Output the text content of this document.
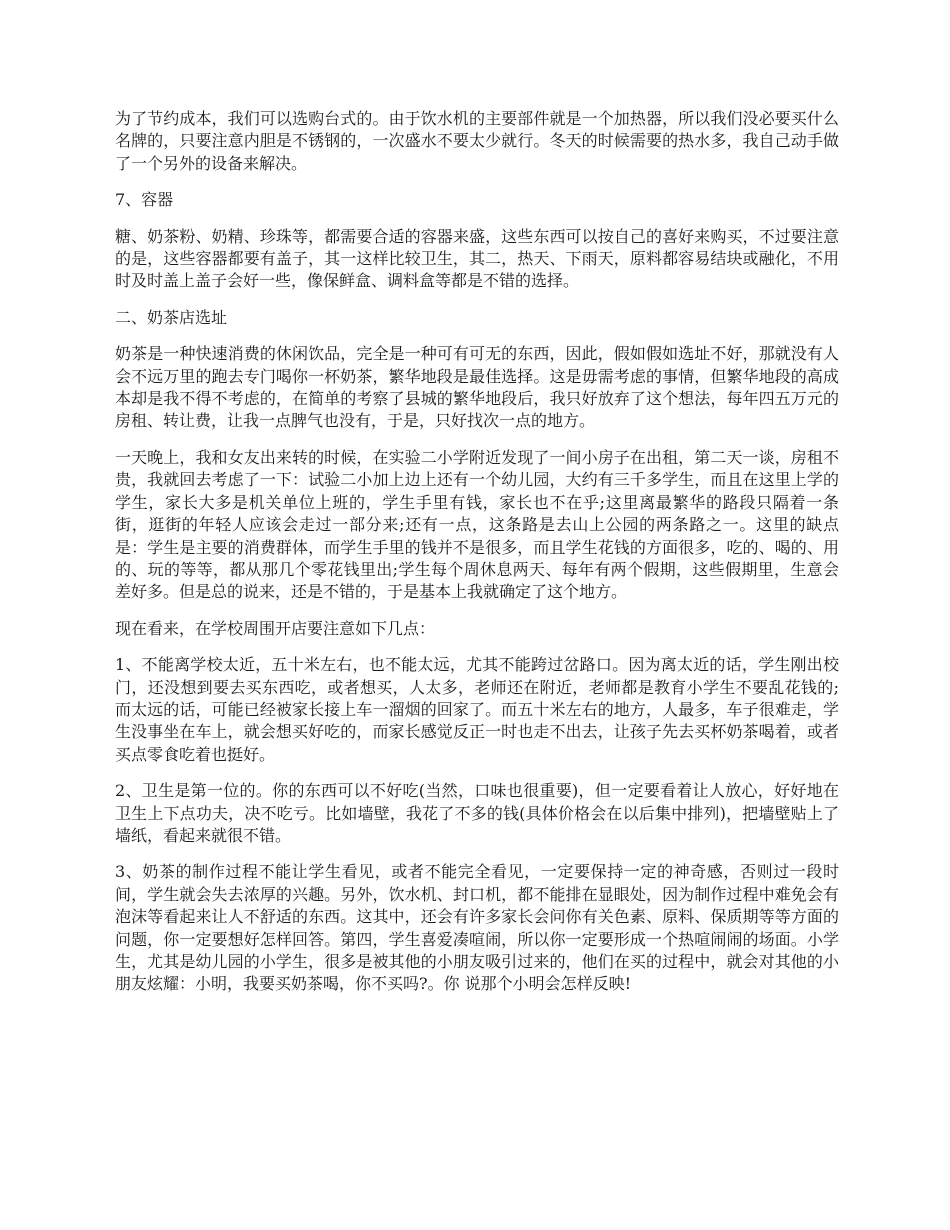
为了节约成本，我们可以选购台式的。由于饮水机的主要部件就是一个加热器，所以我们没必要买什么名牌的，只要注意内胆是不锈钢的，一次盛水不要太少就行。冬天的时候需要的热水多，我自己动手做了一个另外的设备来解决。

7、容器

糖、奶茶粉、奶精、珍珠等，都需要合适的容器来盛，这些东西可以按自己的喜好来购买，不过要注意的是，这些容器都要有盖子，其一这样比较卫生，其二，热天、下雨天，原料都容易结块或融化，不用时及时盖上盖子会好一些，像保鲜盒、调料盒等都是不错的选择。

二、奶茶店选址

奶茶是一种快速消费的休闲饮品，完全是一种可有可无的东西，因此，假如假如选址不好，那就没有人会不远万里的跑去专门喝你一杯奶茶，繁华地段是最佳选择。这是毋需考虑的事情，但繁华地段的高成本却是我不得不考虑的，在简单的考察了县城的繁华地段后，我只好放弃了这个想法，每年四五万元的房租、转让费，让我一点脾气也没有，于是，只好找次一点的地方。

一天晚上，我和女友出来转的时候，在实验二小学附近发现了一间小房子在出租，第二天一谈，房租不贵，我就回去考虑了一下：试验二小加上边上还有一个幼儿园，大约有三千多学生，而且在这里上学的学生，家长大多是机关单位上班的，学生手里有钱，家长也不在乎;这里离最繁华的路段只隔着一条街，逛街的年轻人应该会走过一部分来;还有一点，这条路是去山上公园的两条路之一。这里的缺点是：学生是主要的消费群体，而学生手里的钱并不是很多，而且学生花钱的方面很多，吃的、喝的、用的、玩的等等，都从那几个零花钱里出;学生每个周休息两天、每年有两个假期，这些假期里，生意会差好多。但是总的说来，还是不错的，于是基本上我就确定了这个地方。

现在看来，在学校周围开店要注意如下几点：

1、不能离学校太近，五十米左右，也不能太远，尤其不能跨过岔路口。因为离太近的话，学生刚出校门，还没想到要去买东西吃，或者想买，人太多，老师还在附近，老师都是教育小学生不要乱花钱的;而太远的话，可能已经被家长接上车一溜烟的回家了。而五十米左右的地方，人最多，车子很难走，学生没事坐在车上，就会想买好吃的，而家长感觉反正一时也走不出去，让孩子先去买杯奶茶喝着，或者买点零食吃着也挺好。

2、卫生是第一位的。你的东西可以不好吃(当然，口味也很重要)，但一定要看着让人放心，好好地在卫生上下点功夫，决不吃亏。比如墙壁，我花了不多的钱(具体价格会在以后集中排列)，把墙壁贴上了墙纸，看起来就很不错。

3、奶茶的制作过程不能让学生看见，或者不能完全看见，一定要保持一定的神奇感，否则过一段时间，学生就会失去浓厚的兴趣。另外，饮水机、封口机，都不能排在显眼处，因为制作过程中难免会有泡沫等看起来让人不舒适的东西。这其中，还会有许多家长会问你有关色素、原料、保质期等等方面的问题，你一定要想好怎样回答。第四，学生喜爱凑喧闹，所以你一定要形成一个热喧闹闹的场面。小学生，尤其是幼儿园的小学生，很多是被其他的小朋友吸引过来的，他们在买的过程中，就会对其他的小朋友炫耀：小明，我要买奶茶喝，你不买吗?。你 说那个小明会怎样反映!
